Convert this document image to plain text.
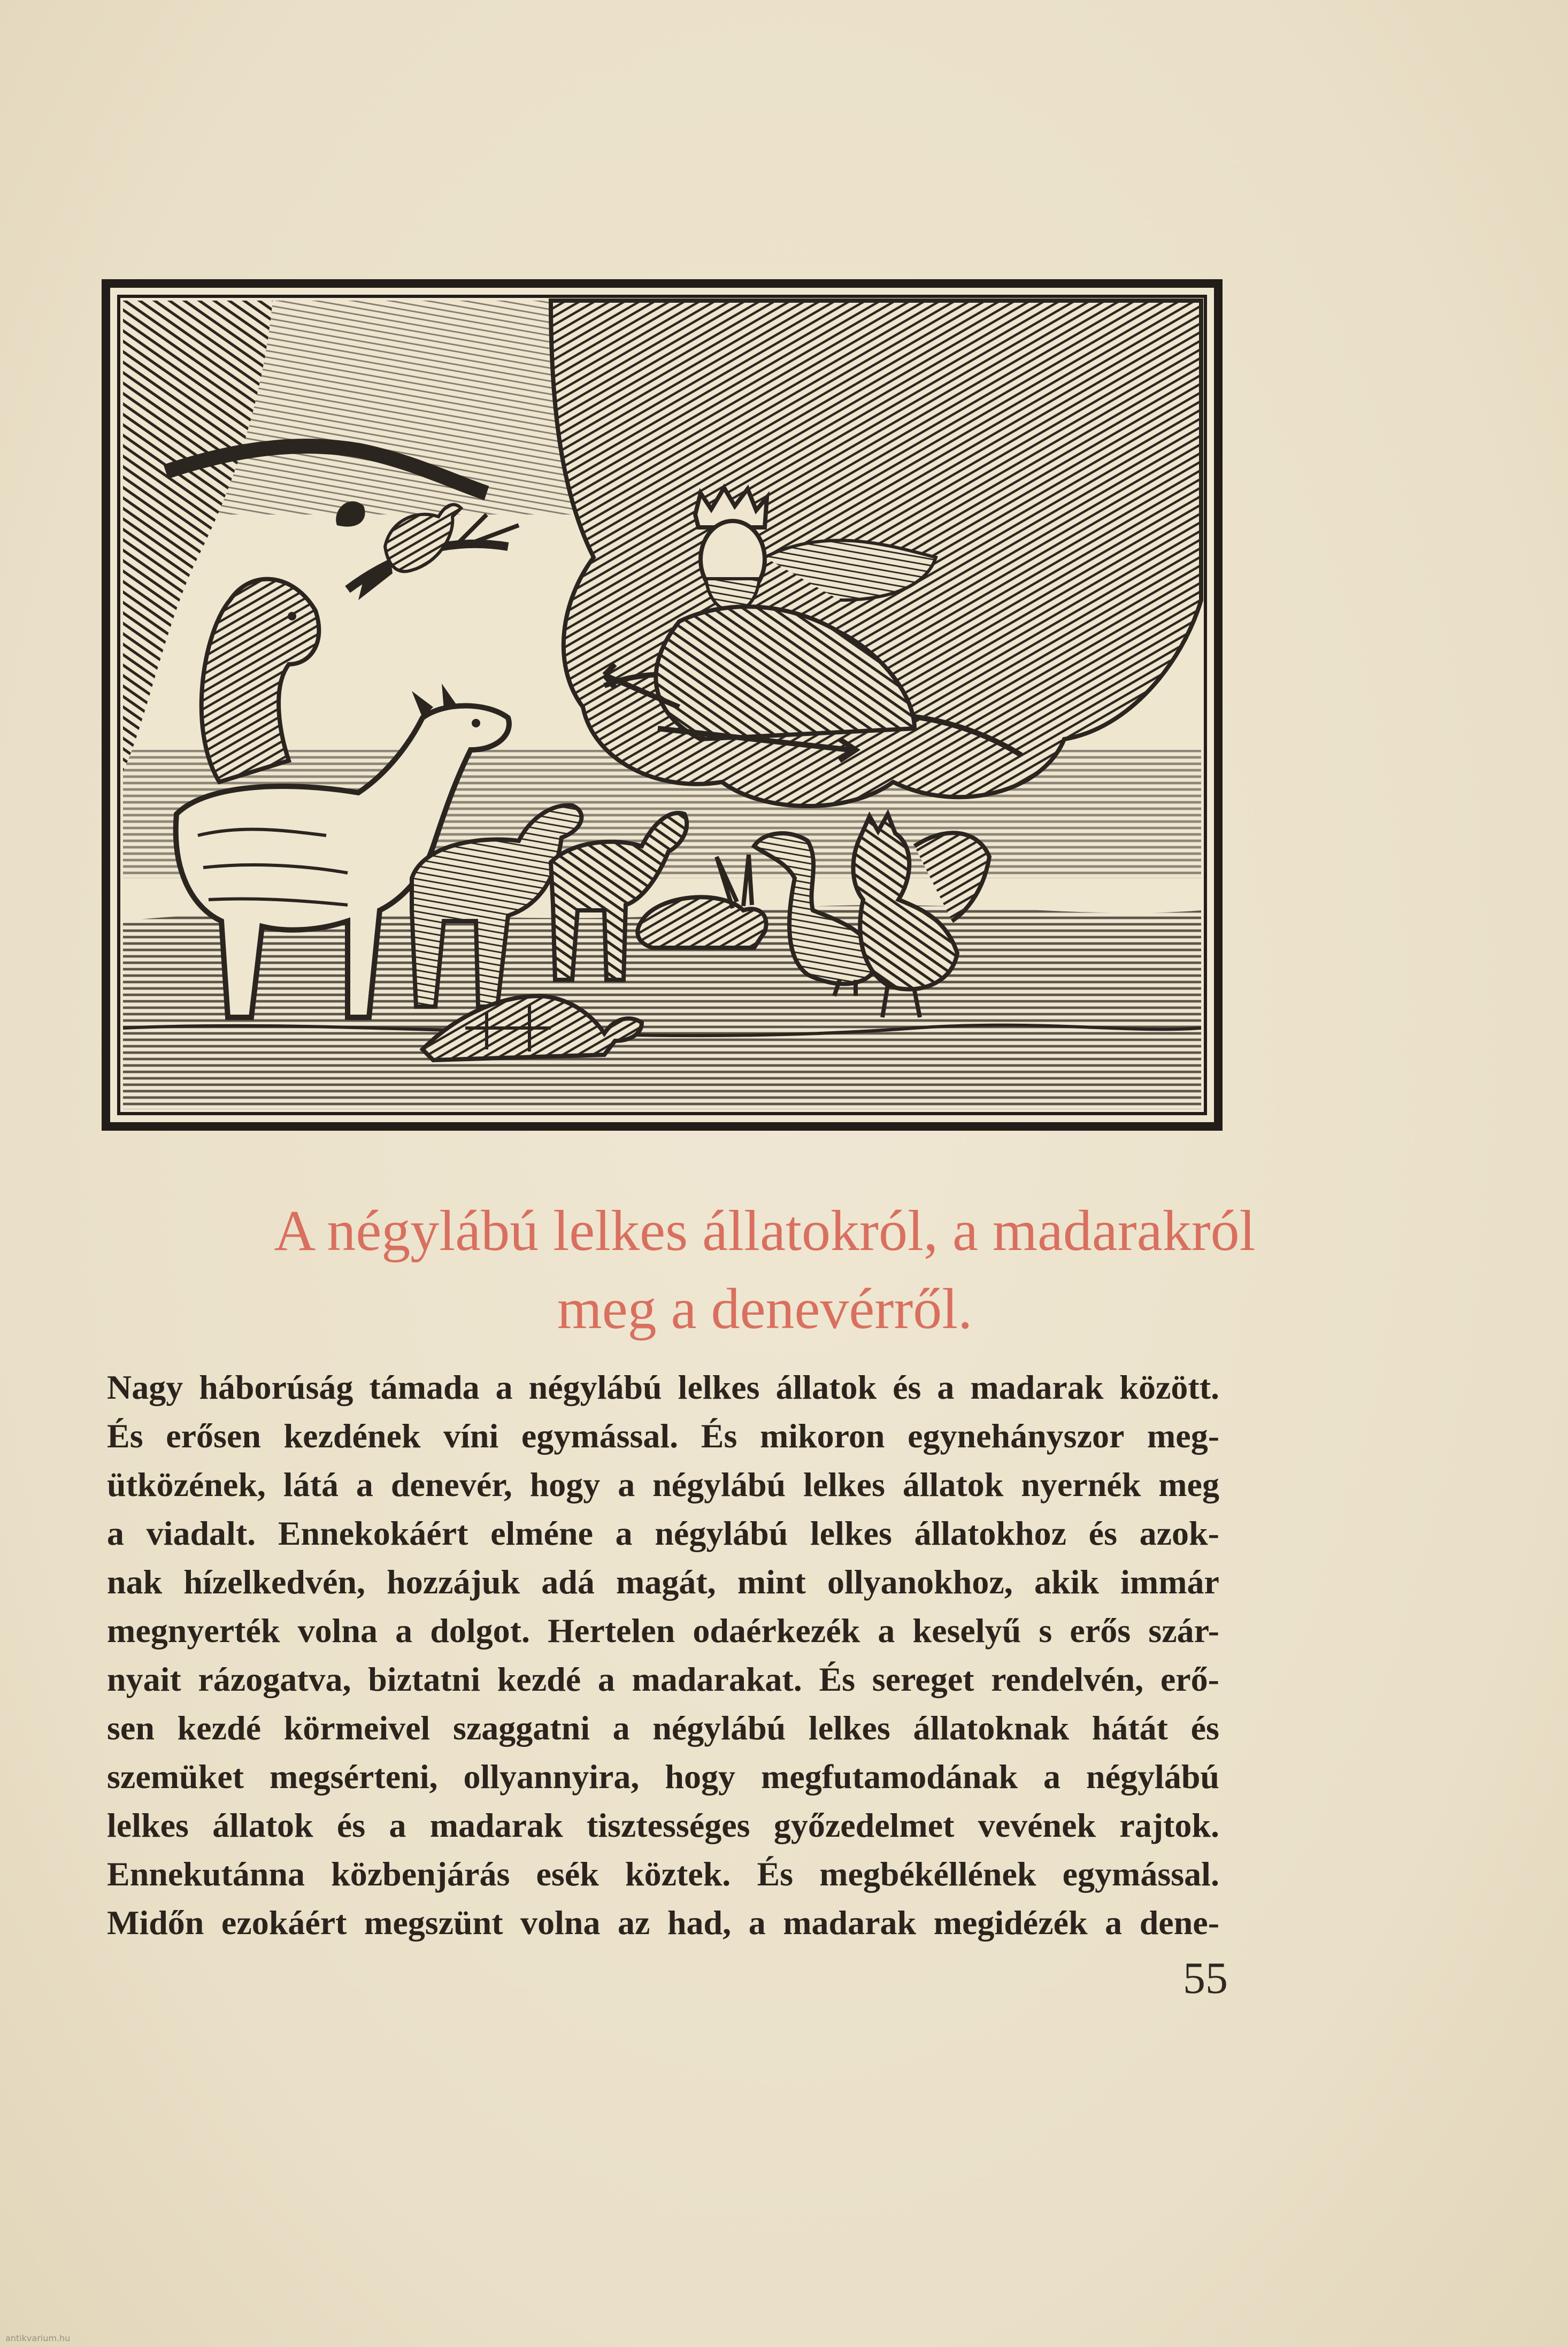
A négylábú lelkes állatokról, a madarakról
meg a denevérről.
Nagy háborúság támada a négylábú lelkes állatok és a madarak között.
És erősen kezdének víni egymással. És mikoron egynehányszor meg-
ütközének, látá a denevér, hogy a négylábú lelkes állatok nyernék meg
a viadalt. Ennekokáért elméne a négylábú lelkes állatokhoz és azok-
nak hízelkedvén, hozzájuk adá magát, mint ollyanokhoz, akik immár
megnyerték volna a dolgot. Hertelen odaérkezék a keselyű s erős szár-
nyait rázogatva, biztatni kezdé a madarakat. És sereget rendelvén, erő-
sen kezdé körmeivel szaggatni a négylábú lelkes állatoknak hátát és
szemüket megsérteni, ollyannyira, hogy megfutamodának a négylábú
lelkes állatok és a madarak tisztességes győzedelmet vevének rajtok.
Ennekutánna közbenjárás esék köztek. És megbékéllének egymással.
Midőn ezokáért megszünt volna az had, a madarak megidézék a dene-
55
antikvarium.hu
